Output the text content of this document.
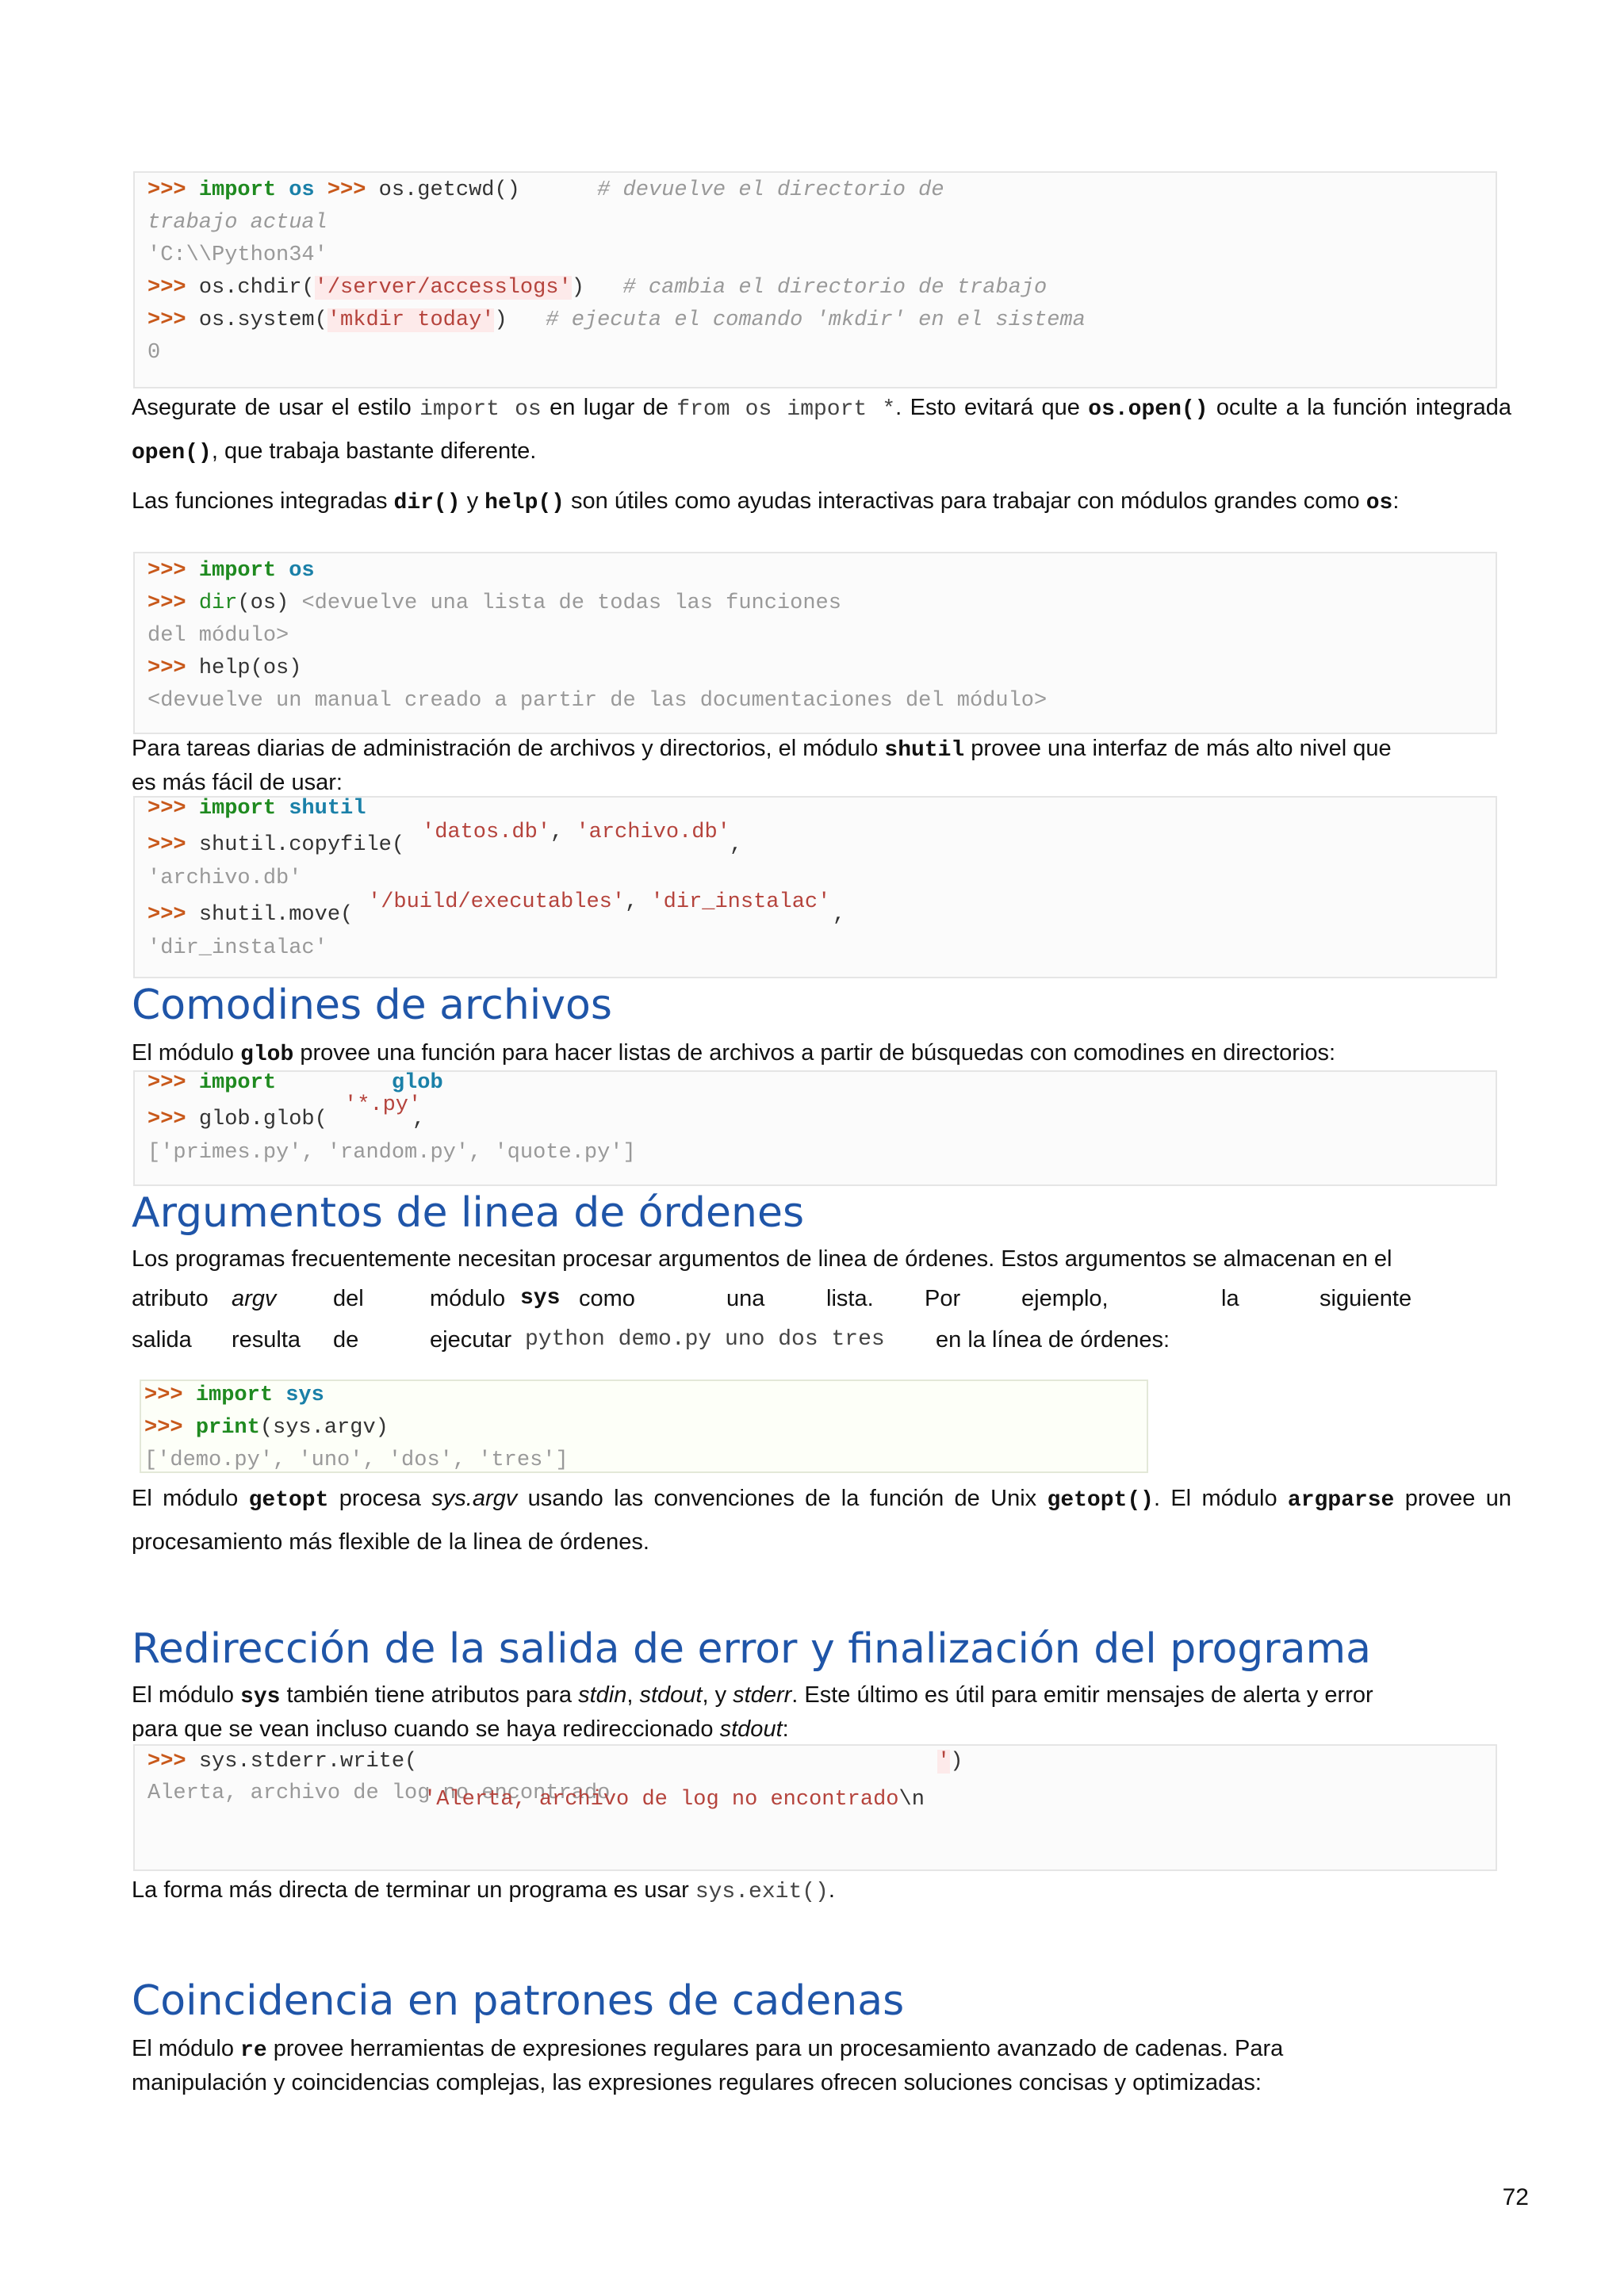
>>> import os >>> os.getcwd()	# devuelve el directorio de
trabajo actual
'C:\\Python34'
>>> os.chdir('/server/accesslogs') # cambia el directorio de trabajo
>>> os.system('mkdir today') # ejecuta el comando 'mkdir' en el sistema
0
Asegurate de usar el estilo import os en lugar de from os import *. Esto evitará que os.open() oculte a la función integrada open(), que trabaja bastante diferente.
Las funciones integradas dir() y help() son útiles como ayudas interactivas para trabajar con módulos grandes como os:
>>> import os
>>> dir(os) <devuelve una lista de todas las funciones
del módulo>
>>> help(os)
<devuelve un manual creado a partir de las documentaciones del módulo>
Para tareas diarias de administración de archivos y directorios, el módulo shutil provee una interfaz de más alto nivel que
es más fácil de usar:
>>> import shutil
>>> shutil.copyfile(
'datos.db', 'archivo.db'
,
'archivo.db'
>>> shutil.move(
'/build/executables', 'dir_instalac'
,
'dir_instalac'
Comodines de archivos
El módulo glob provee una función para hacer listas de archivos a partir de búsquedas con comodines en directorios:
>>> import	glob
>>> glob.glob(
'*.py'
,
['primes.py', 'random.py', 'quote.py']
Argumentos de linea de órdenes
Los programas frecuentemente necesitan procesar argumentos de linea de órdenes. Estos argumentos se almacenan en el
atributo argv del	módulo sys como	una	lista. Por	ejemplo,	la	siguiente
salida resulta de	ejecutar python demo.py uno dos tres en la línea de órdenes:
>>> import sys
>>> print(sys.argv)
['demo.py', 'uno', 'dos', 'tres']
El módulo getopt procesa sys.argv usando las convenciones de la función de Unix getopt(). El módulo argparse provee un procesamiento más flexible de la linea de órdenes.
Redirección de la salida de error y finalización del programa
El módulo sys también tiene atributos para stdin, stdout, y stderr. Este último es útil para emitir mensajes de alerta y error
para que se vean incluso cuando se haya redireccionado stdout:
>>> sys.stderr.write(	')
Alerta, archivo de log no encontrado
'Alerta, archivo de log no encontrado\n
La forma más directa de terminar un programa es usar sys.exit().
Coincidencia en patrones de cadenas
El módulo re provee herramientas de expresiones regulares para un procesamiento avanzado de cadenas. Para
manipulación y coincidencias complejas, las expresiones regulares ofrecen soluciones concisas y optimizadas:
72
